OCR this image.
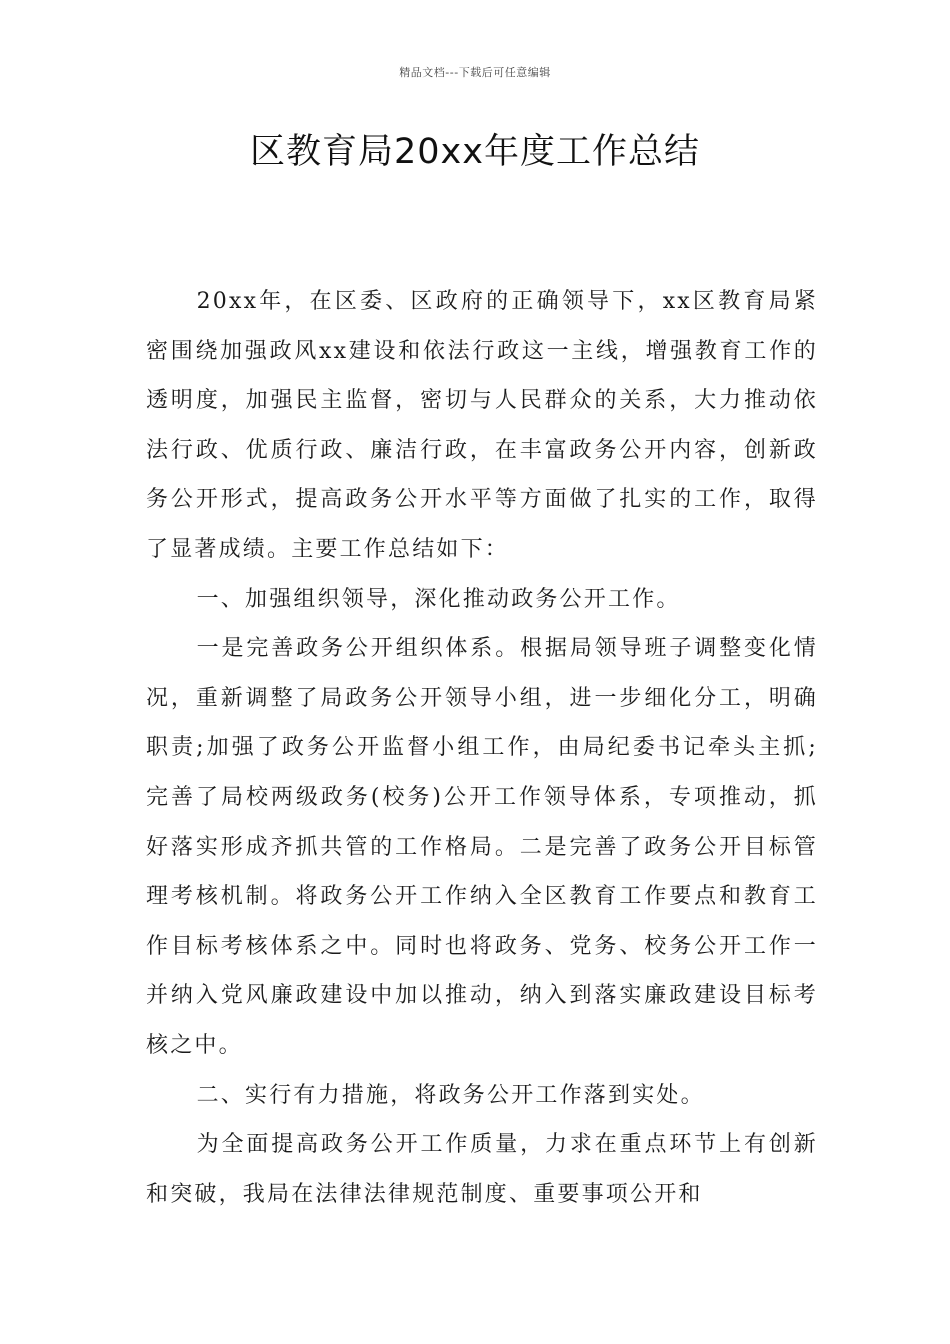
精品文档---下载后可任意编辑
区教育局20xx年度工作总结

20xx年，在区委、区政府的正确领导下，xx区教育局紧密围绕加强政风xx建设和依法行政这一主线，增强教育工作的透明度，加强民主监督，密切与人民群众的关系，大力推动依法行政、优质行政、廉洁行政，在丰富政务公开内容，创新政务公开形式，提高政务公开水平等方面做了扎实的工作，取得了显著成绩。主要工作总结如下：

一、加强组织领导，深化推动政务公开工作。

一是完善政务公开组织体系。根据局领导班子调整变化情况，重新调整了局政务公开领导小组，进一步细化分工，明确职责;加强了政务公开监督小组工作，由局纪委书记牵头主抓;完善了局校两级政务(校务)公开工作领导体系，专项推动，抓好落实形成齐抓共管的工作格局。二是完善了政务公开目标管理考核机制。将政务公开工作纳入全区教育工作要点和教育工作目标考核体系之中。同时也将政务、党务、校务公开工作一并纳入党风廉政建设中加以推动，纳入到落实廉政建设目标考核之中。

二、实行有力措施，将政务公开工作落到实处。

为全面提高政务公开工作质量，力求在重点环节上有创新和突破，我局在法律法律规范制度、重要事项公开和
